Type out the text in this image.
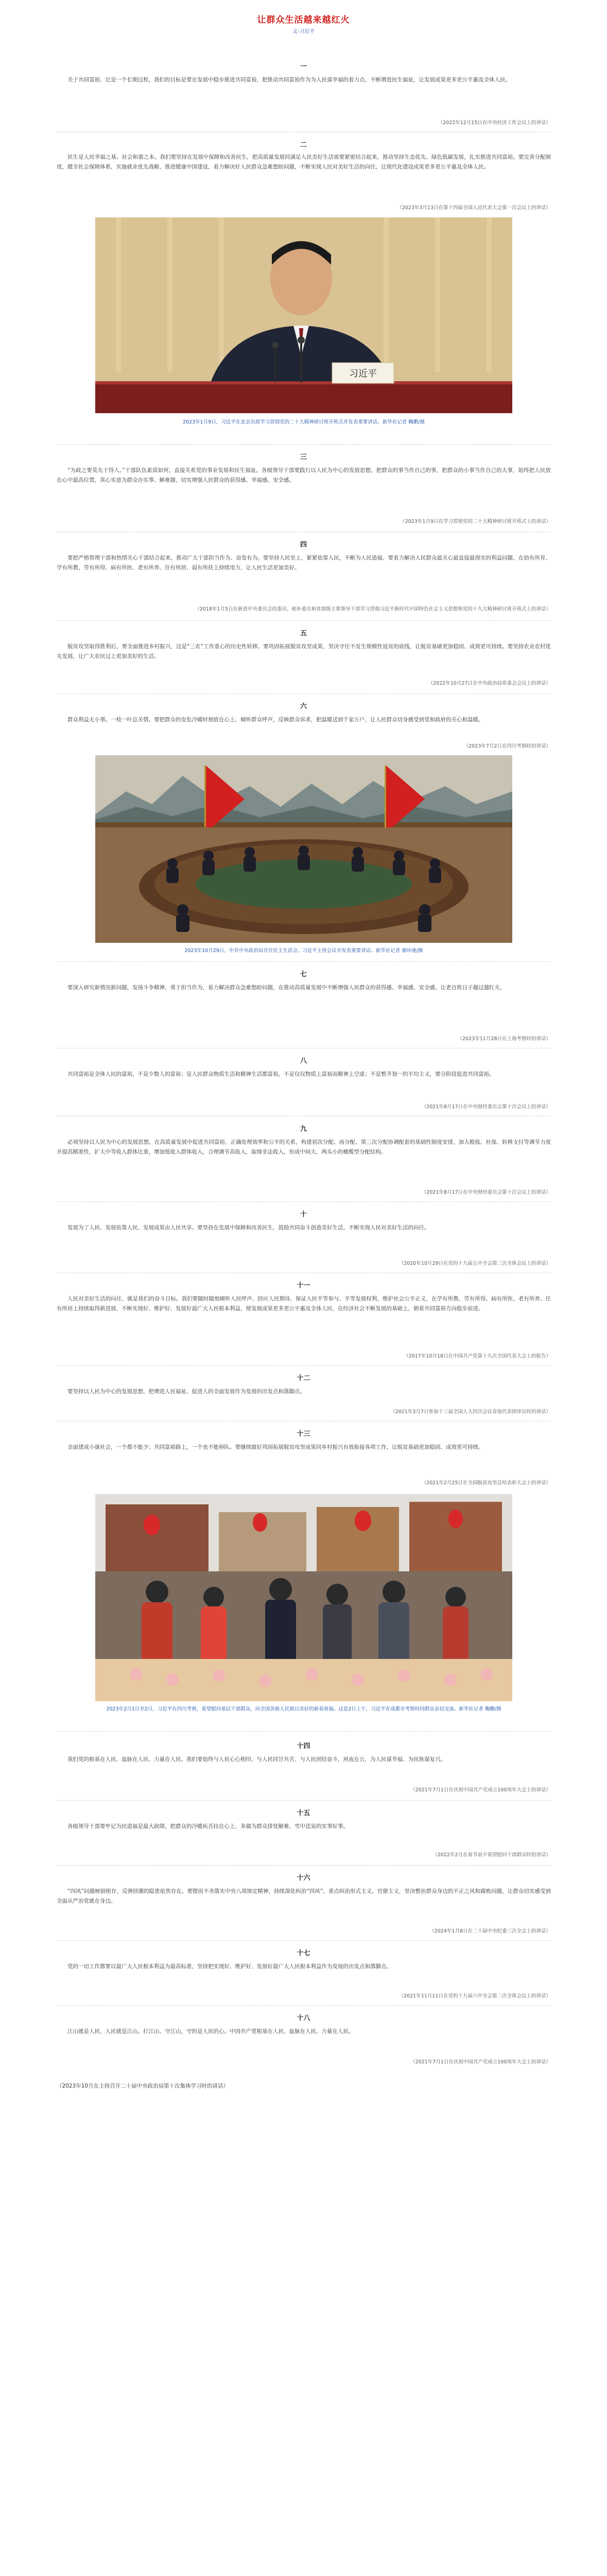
让群众生活越来越红火
文·习近平
一

关于共同富裕，它是一个长期过程，我们的目标是要在发展中稳步推进共同富裕，把推动共同富裕作为为人民谋幸福的着力点，不断增进民生福祉，让发展成果更多更公平惠及全体人民。

（2022年12月15日在中央经济工作会议上的讲话）

二

民生是人民幸福之基、社会和谐之本。我们要坚持在发展中保障和改善民生，把高质量发展同满足人民美好生活需要紧密结合起来，推动坚持生态优先、绿色低碳发展，扎实推进共同富裕。要完善分配制度，健全社会保障体系，实施就业优先战略，推进健康中国建设，着力解决好人民群众急难愁盼问题，不断实现人民对美好生活的向往，让现代化建设成果更多更公平惠及全体人民。

（2023年3月13日在第十四届全国人民代表大会第一次会议上的讲话）

习近平

2023年1月9日，习近平在北京出席学习贯彻党的二十大精神研讨班开班式并发表重要讲话。新华社记者 鞠鹏/摄

三

“为政之要莫先于得人。”干部队伍素质如何，直接关系党的事业发展和民生福祉。各级领导干部要践行以人民为中心的发展思想，把群众的事当作自己的事，把群众的小事当作自己的大事，始终把人民放在心中最高位置，真心实意为群众办实事、解难题，切实增强人民群众的获得感、幸福感、安全感。

（2023年1月9日在学习贯彻党的二十大精神研讨班开班式上的讲话）

四

要把严格管理干部和热情关心干部结合起来，推动广大干部担当作为、奋发有为。要坚持人民至上，紧紧依靠人民，不断为人民造福，要着力解决人民群众最关心最直接最现实的利益问题，在幼有所育、学有所教、劳有所得、病有所医、老有所养、住有所居、弱有所扶上持续用力，让人民生活更加美好。

（2018年1月5日在新进中央委员会的委员、候补委员和省部级主要领导干部学习贯彻习近平新时代中国特色社会主义思想和党的十九大精神研讨班开班式上的讲话）

五

脱贫攻坚取得胜利后，要全面推进乡村振兴，这是“三农”工作重心的历史性转移。要巩固拓展脱贫攻坚成果，坚决守住不发生规模性返贫的底线，让脱贫基础更加稳固、成效更可持续。要坚持农业农村优先发展，让广大农民过上更加美好的生活。

（2022年10月27日在中央政治局常委会会议上的讲话）

六

群众利益无小事。一枝一叶总关情。要把群众的安危冷暖时刻放在心上，倾听群众呼声，反映群众诉求，把温暖送到千家万户，让人民群众切身感受到党和政府的关心和温暖。

（2023年7月2日在四川考察时的讲话）

2023年10月29日，中共中央政治局召开民主生活会。习近平主持会议并发表重要讲话。新华社记者 谢环驰/摄

七

要深入研究新情况新问题，发扬斗争精神，勇于担当作为，着力解决群众急难愁盼问题，在推动高质量发展中不断增强人民群众的获得感、幸福感、安全感，让老百姓日子越过越红火。

（2023年11月28日在上海考察时的讲话）

八

共同富裕是全体人民的富裕，不是少数人的富裕；是人民群众物质生活和精神生活都富裕，不是仅仅物质上富裕而精神上空虚；不是整齐划一的平均主义，要分阶段促进共同富裕。

（2021年8月17日在中央财经委员会第十次会议上的讲话）

九

必须坚持以人民为中心的发展思想，在高质量发展中促进共同富裕，正确处理效率和公平的关系，构建初次分配、再分配、第三次分配协调配套的基础性制度安排，加大税收、社保、转移支付等调节力度并提高精准性，扩大中等收入群体比重，增加低收入群体收入，合理调节高收入，取缔非法收入，形成中间大、两头小的橄榄型分配结构。

（2021年8月17日在中央财经委员会第十次会议上的讲话）

十

发展为了人民、发展依靠人民、发展成果由人民共享。要坚持在发展中保障和改善民生，鼓励共同奋斗创造美好生活，不断实现人民对美好生活的向往。

（2020年10月29日在党的十九届五中全会第二次全体会议上的讲话）

十一

人民对美好生活的向往，就是我们的奋斗目标。我们要随时随刻倾听人民呼声、回应人民期待，保证人民平等参与、平等发展权利，维护社会公平正义，在学有所教、劳有所得、病有所医、老有所养、住有所居上持续取得新进展，不断实现好、维护好、发展好最广大人民根本利益，使发展成果更多更公平惠及全体人民，在经济社会不断发展的基础上，朝着共同富裕方向稳步前进。

（2017年10月18日在中国共产党第十九次全国代表大会上的报告）

十二

要坚持以人民为中心的发展思想，把增进人民福祉、促进人的全面发展作为发展的出发点和落脚点。

（2021年3月7日参加十三届全国人大四次会议青海代表团审议时的讲话）

十三

全面建成小康社会，一个都不能少；共同富裕路上，一个也不能掉队。要继续做好巩固拓展脱贫攻坚成果同乡村振兴有效衔接各项工作，让脱贫基础更加稳固、成效更可持续。

（2021年2月25日在全国脱贫攻坚总结表彰大会上的讲话）

2023年2月1日至2日，习近平在四川考察，看望慰问基层干部群众，向全国各族人民致以美好的新春祝福。这是2日上午，习近平在成都市考察时同群众亲切交流。新华社记者 鞠鹏/摄

十四

我们党的根基在人民、血脉在人民、力量在人民。我们要始终与人民心心相印、与人民同甘共苦、与人民团结奋斗，夙夜在公，为人民谋幸福、为民族谋复兴。

（2021年7月1日在庆祝中国共产党成立100周年大会上的讲话）

十五

各级领导干部要牢记为民造福是最大政绩，把群众的冷暖疾苦挂在心上，多做为群众排忧解难、雪中送炭的实事好事。

（2022年2月在春节前夕看望慰问干部群众时的讲话）

十六

“四风”问题树倒根存，反弹回潮的隐患依然存在。要锲而不舍落实中央八项规定精神，持续深化纠治“四风”，重点纠治形式主义、官僚主义，坚决整治群众身边的不正之风和腐败问题，让群众切实感受到全面从严治党就在身边。

（2024年1月8日在二十届中央纪委三次全会上的讲话）

十七

党的一切工作都要以最广大人民根本利益为最高标准，坚持把实现好、维护好、发展好最广大人民根本利益作为发展的出发点和落脚点。

（2021年11月11日在党的十九届六中全会第二次全体会议上的讲话）

十八

江山就是人民，人民就是江山。打江山、守江山，守的是人民的心。中国共产党根基在人民、血脉在人民、力量在人民。

（2021年7月1日在庆祝中国共产党成立100周年大会上的讲话）

（2023年10月在主持召开二十届中央政治局第十次集体学习时的讲话）
